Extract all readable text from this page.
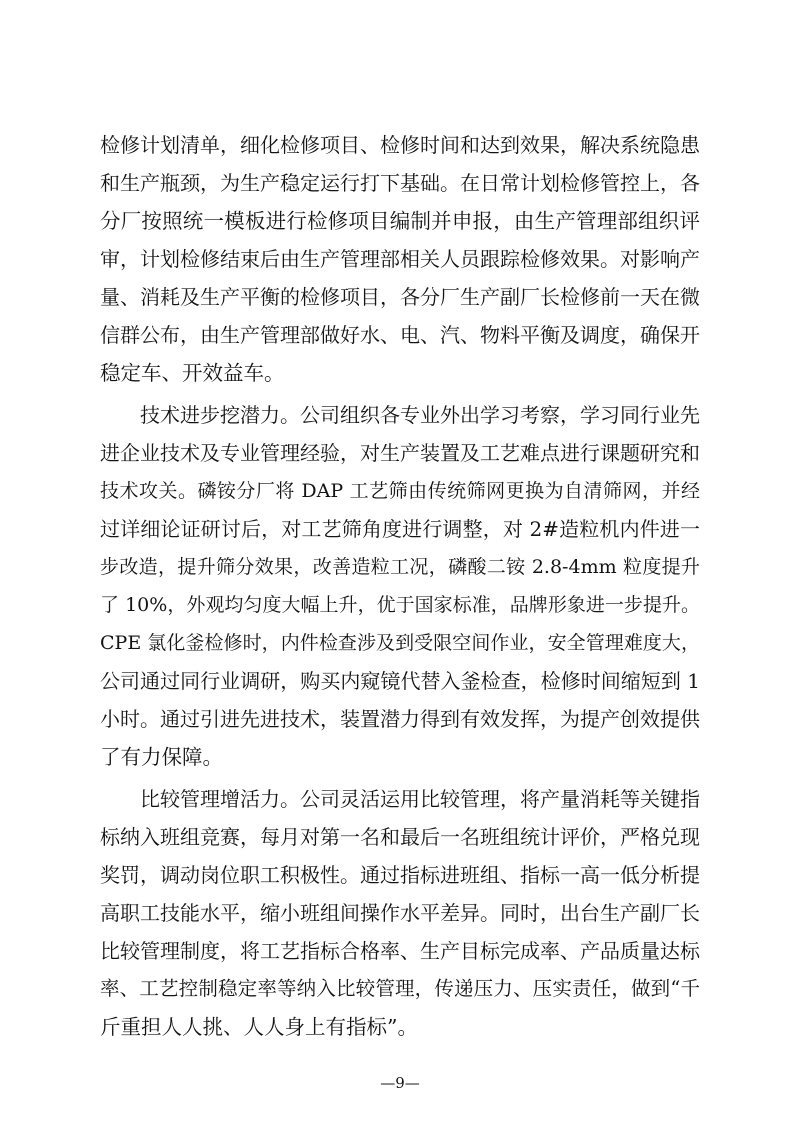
检修计划清单，细化检修项目、检修时间和达到效果，解决系统隐患
和生产瓶颈，为生产稳定运行打下基础。在日常计划检修管控上，各
分厂按照统一模板进行检修项目编制并申报，由生产管理部组织评
审，计划检修结束后由生产管理部相关人员跟踪检修效果。对影响产
量、消耗及生产平衡的检修项目，各分厂生产副厂长检修前一天在微
信群公布，由生产管理部做好水、电、汽、物料平衡及调度，确保开
稳定车、开效益车。
技术进步挖潜力。公司组织各专业外出学习考察，学习同行业先
进企业技术及专业管理经验，对生产装置及工艺难点进行课题研究和
技术攻关。磷铵分厂将 DAP 工艺筛由传统筛网更换为自清筛网，并经
过详细论证研讨后，对工艺筛角度进行调整，对 2#造粒机内件进一
步改造，提升筛分效果，改善造粒工况，磷酸二铵 2.8-4mm 粒度提升
了 10%，外观均匀度大幅上升，优于国家标准，品牌形象进一步提升。
CPE 氯化釜检修时，内件检查涉及到受限空间作业，安全管理难度大，
公司通过同行业调研，购买内窥镜代替入釜检查，检修时间缩短到 1
小时。通过引进先进技术，装置潜力得到有效发挥，为提产创效提供
了有力保障。
比较管理增活力。公司灵活运用比较管理，将产量消耗等关键指
标纳入班组竞赛，每月对第一名和最后一名班组统计评价，严格兑现
奖罚，调动岗位职工积极性。通过指标进班组、指标一高一低分析提
高职工技能水平，缩小班组间操作水平差异。同时，出台生产副厂长
比较管理制度，将工艺指标合格率、生产目标完成率、产品质量达标
率、工艺控制稳定率等纳入比较管理，传递压力、压实责任，做到“千
斤重担人人挑、人人身上有指标”。
—9—
